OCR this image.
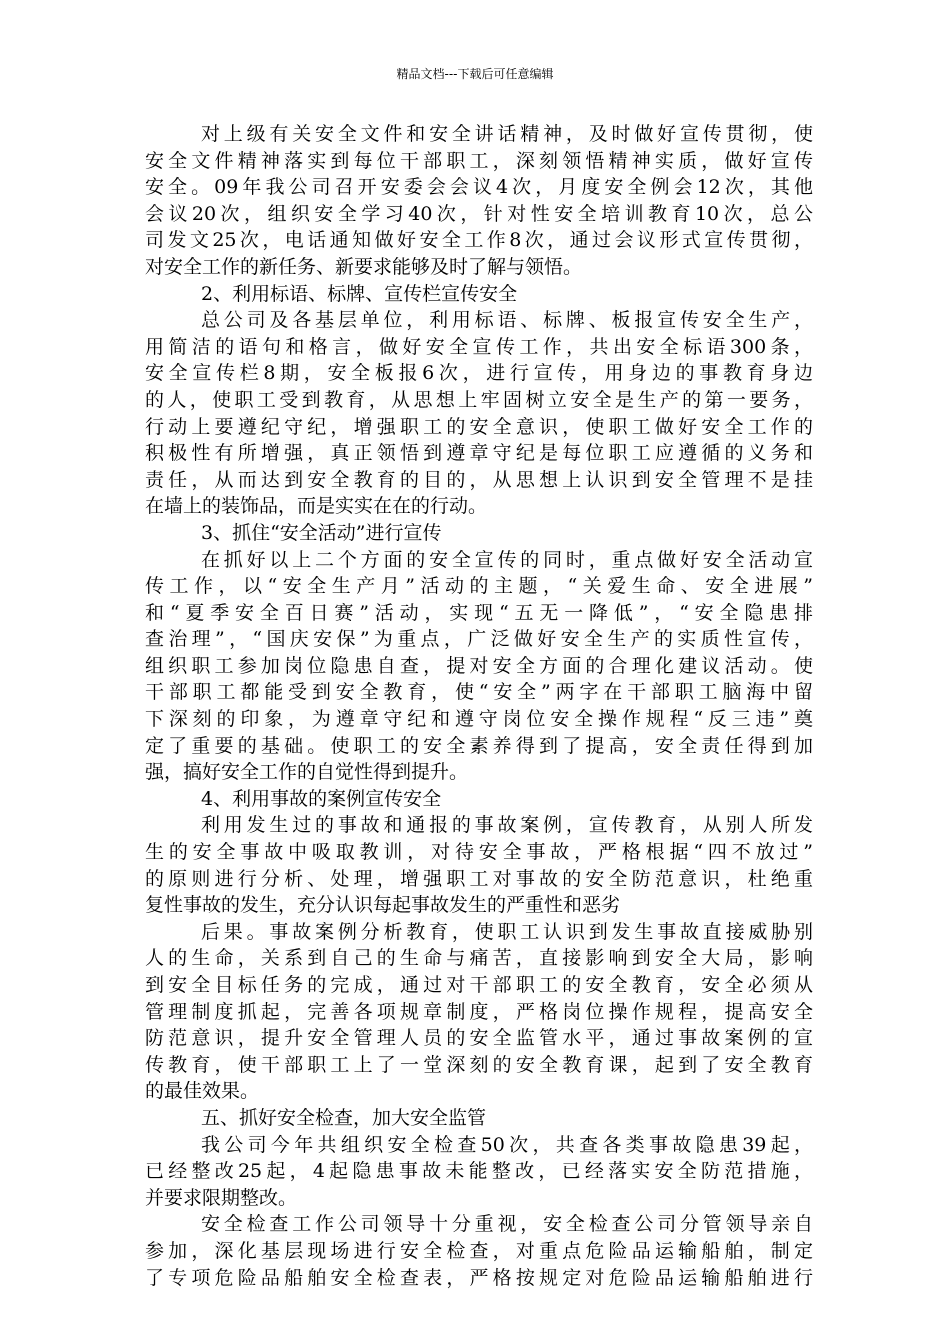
精品文档---下载后可任意编辑
对上级有关安全文件和安全讲话精神，及时做好宣传贯彻，使
安全文件精神落实到每位干部职工，深刻领悟精神实质，做好宣传
安全。09年我公司召开安委会会议4次，月度安全例会12次，其他
会议20次，组织安全学习40次，针对性安全培训教育10次，总公
司发文25次，电话通知做好安全工作8次，通过会议形式宣传贯彻，
对安全工作的新任务、新要求能够及时了解与领悟。
2、利用标语、标牌、宣传栏宣传安全
总公司及各基层单位，利用标语、标牌、板报宣传安全生产，
用简洁的语句和格言，做好安全宣传工作，共出安全标语300条，
安全宣传栏8期，安全板报6次，进行宣传，用身边的事教育身边
的人，使职工受到教育，从思想上牢固树立安全是生产的第一要务，
行动上要遵纪守纪，增强职工的安全意识，使职工做好安全工作的
积极性有所增强，真正领悟到遵章守纪是每位职工应遵循的义务和
责任，从而达到安全教育的目的，从思想上认识到安全管理不是挂
在墙上的装饰品，而是实实在在的行动。
3、抓住“安全活动”进行宣传
在抓好以上二个方面的安全宣传的同时，重点做好安全活动宣
传工作，以“安全生产月”活动的主题，“关爱生命、安全进展”
和“夏季安全百日赛”活动，实现“五无一降低”，“安全隐患排
查治理”，“国庆安保”为重点，广泛做好安全生产的实质性宣传，
组织职工参加岗位隐患自查，提对安全方面的合理化建议活动。使
干部职工都能受到安全教育，使“安全”两字在干部职工脑海中留
下深刻的印象，为遵章守纪和遵守岗位安全操作规程“反三违”奠
定了重要的基础。使职工的安全素养得到了提高，安全责任得到加
强，搞好安全工作的自觉性得到提升。
4、利用事故的案例宣传安全
利用发生过的事故和通报的事故案例，宣传教育，从别人所发
生的安全事故中吸取教训，对待安全事故，严格根据“四不放过”
的原则进行分析、处理，增强职工对事故的安全防范意识，杜绝重
复性事故的发生，充分认识每起事故发生的严重性和恶劣
后果。事故案例分析教育，使职工认识到发生事故直接威胁别
人的生命，关系到自己的生命与痛苦，直接影响到安全大局，影响
到安全目标任务的完成，通过对干部职工的安全教育，安全必须从
管理制度抓起，完善各项规章制度，严格岗位操作规程，提高安全
防范意识，提升安全管理人员的安全监管水平，通过事故案例的宣
传教育，使干部职工上了一堂深刻的安全教育课，起到了安全教育
的最佳效果。
五、抓好安全检查，加大安全监管
我公司今年共组织安全检查50次，共查各类事故隐患39起，
已经整改25起，4起隐患事故未能整改，已经落实安全防范措施，
并要求限期整改。
安全检查工作公司领导十分重视，安全检查公司分管领导亲自
参加，深化基层现场进行安全检查，对重点危险品运输船舶，制定
了专项危险品船舶安全检查表，严格按规定对危险品运输船舶进行
